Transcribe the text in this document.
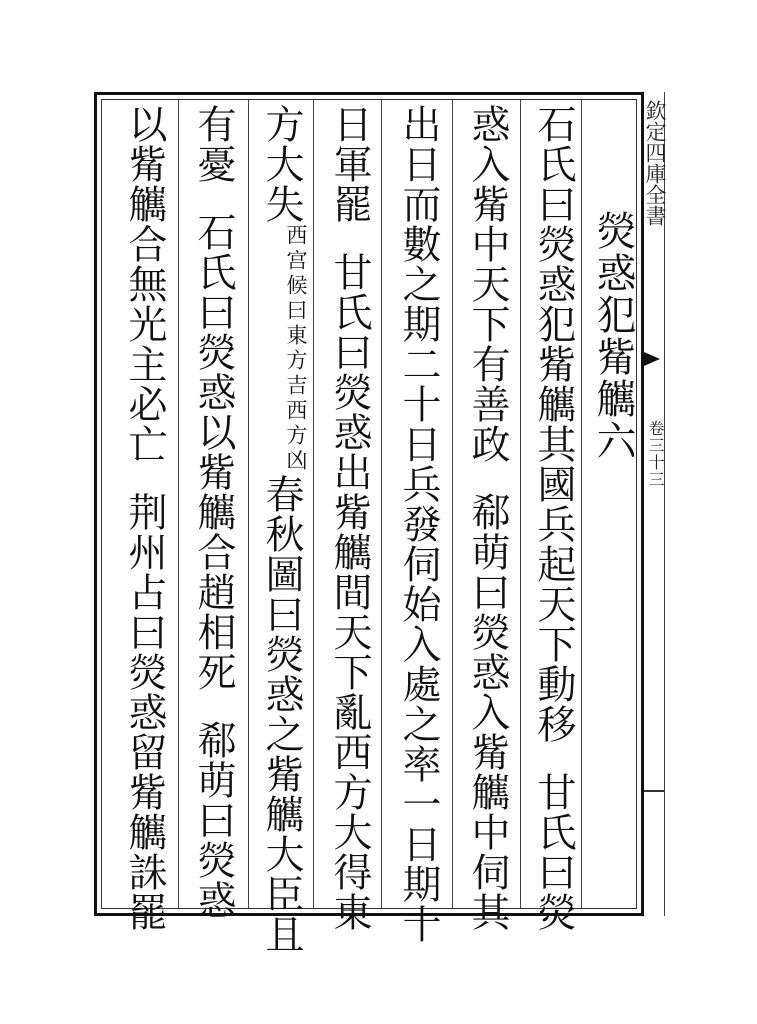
熒惑犯觜觽六
石氏曰熒惑犯觜觽其國兵起天下動移甘氏曰熒
惑入觜中天下有善政郗萌曰熒惑入觜觽中伺其
出日而數之期二十日兵發伺始入處之率一日期十
日軍罷甘氏曰熒惑出觜觽間天下亂西方大得東
方大失西宫候曰東方吉西方凶春秋圖曰熒惑之觜觽大臣且
有憂石氏曰熒惑以觜觽合趙相死郗萌曰熒惑
以觜觽合無光主必亡荆州占曰熒惑留觜觽誅罷
欽定四庫全書
卷三十三
